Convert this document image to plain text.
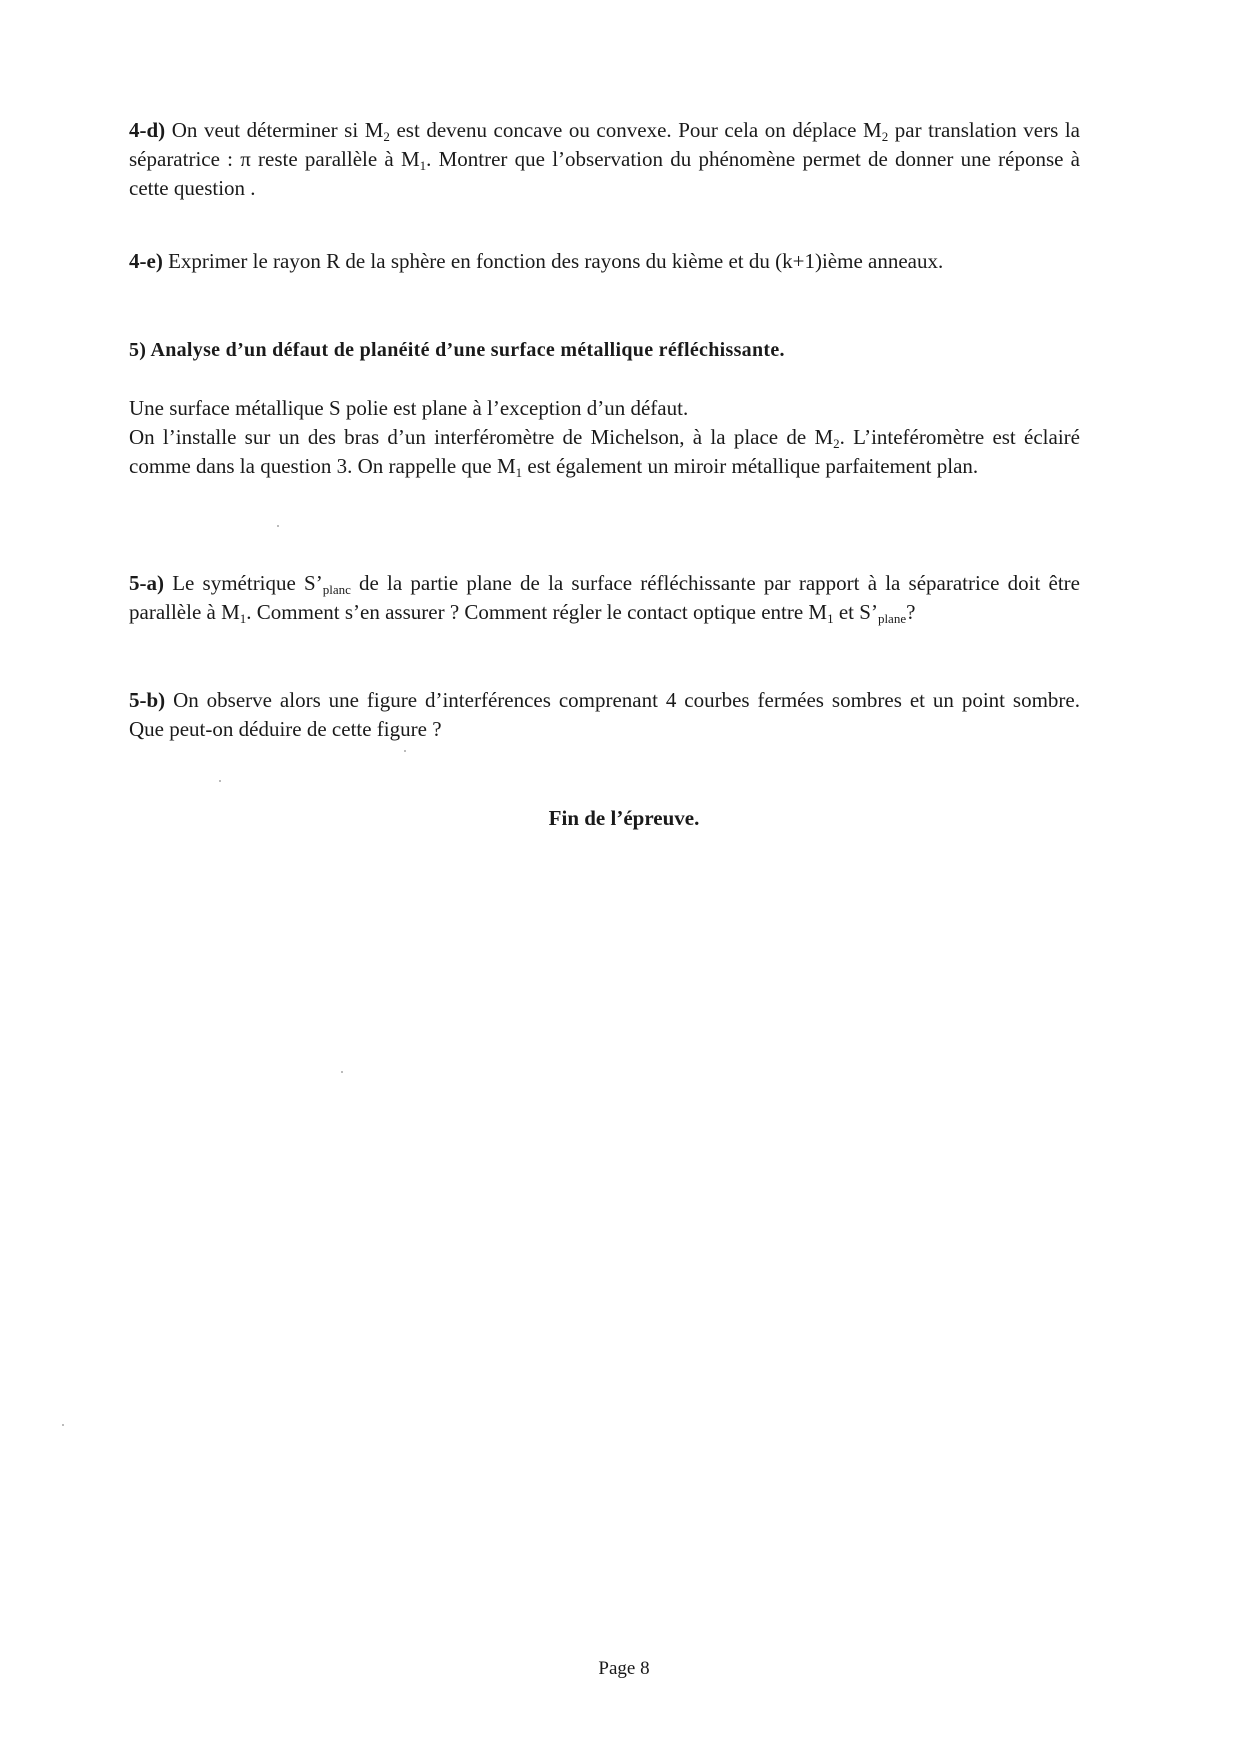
4-d) On veut déterminer si $M_2$ est devenu concave ou convexe. Pour cela on déplace $M_2$ par translation vers la séparatrice : π reste parallèle à $M_1$. Montrer que l’observation du phénomène permet de donner une réponse à cette question .

4-e) Exprimer le rayon R de la sphère en fonction des rayons du kième et du (k+1)ième anneaux.

5) Analyse d’un défaut de planéité d’une surface métallique réfléchissante.

Une surface métallique S polie est plane à l’exception d’un défaut.
On l’installe sur un des bras d’un interféromètre de Michelson, à la place de $M_2$. L’inteféromètre est éclairé comme dans la question 3. On rappelle que $M_1$ est également un miroir métallique parfaitement plan.

5-a) Le symétrique $S’_{planc}$ de la partie plane de la surface réfléchissante par rapport à la séparatrice doit être parallèle à $M_1$. Comment s’en assurer ? Comment régler le contact optique entre $M_1$ et $S’_{plane}$?

5-b) On observe alors une figure d’interférences comprenant 4 courbes fermées sombres et un point sombre. Que peut-on déduire de cette figure ?

Fin de l’épreuve.

Page 8
